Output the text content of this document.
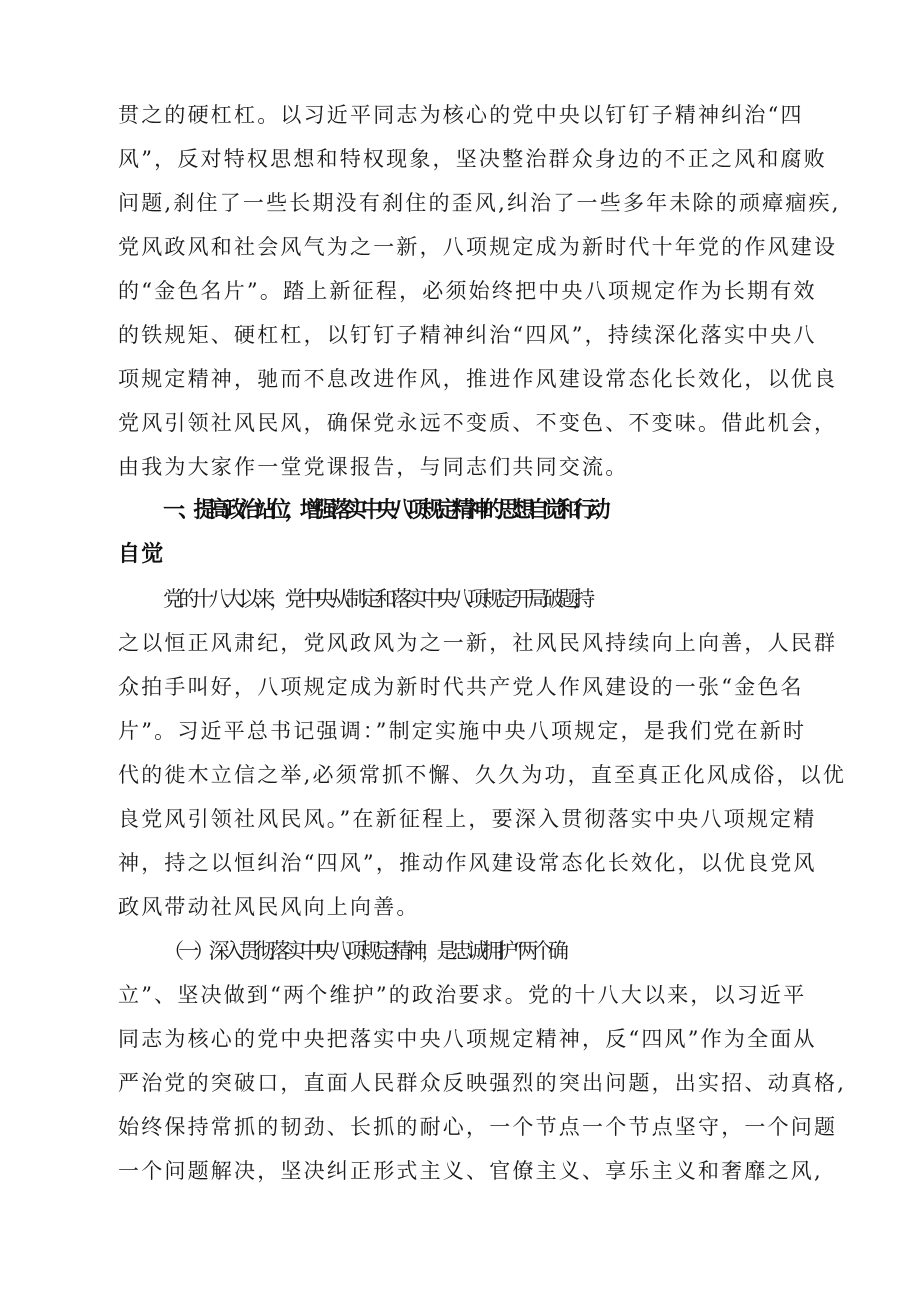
贯之的硬杠杠。以习近平同志为核心的党中央以钉钉子精神纠治“四
风”，反对特权思想和特权现象，坚决整治群众身边的不正之风和腐败
问题,刹住了一些长期没有刹住的歪风,纠治了一些多年未除的顽瘴痼疾,
党风政风和社会风气为之一新，八项规定成为新时代十年党的作风建设
的“金色名片”。踏上新征程，必须始终把中央八项规定作为长期有效
的铁规矩、硬杠杠，以钉钉子精神纠治“四风”，持续深化落实中央八
项规定精神，驰而不息改进作风，推进作风建设常态化长效化，以优良
党风引领社风民风，确保党永远不变质、不变色、不变味。借此机会，
由我为大家作一堂党课报告，与同志们共同交流。
一、提高政治站位，增强落实中央八项规定精神的思想自觉和行动
自觉
党的十八大以来，党中央从制定和落实中央八项规定开局破题,持
之以恒正风肃纪，党风政风为之一新，社风民风持续向上向善，人民群
众拍手叫好，八项规定成为新时代共产党人作风建设的一张“金色名
片”。习近平总书记强调：”制定实施中央八项规定，是我们党在新时
代的徙木立信之举,必须常抓不懈、久久为功，直至真正化风成俗，以优
良党风引领社风民风。”在新征程上，要深入贯彻落实中央八项规定精
神，持之以恒纠治“四风”，推动作风建设常态化长效化，以优良党风
政风带动社风民风向上向善。
（一）深入贯彻落实中央八项规定精神，是忠诚拥护“两个确
立”、坚决做到“两个维护”的政治要求。党的十八大以来，以习近平
同志为核心的党中央把落实中央八项规定精神，反“四风”作为全面从
严治党的突破口，直面人民群众反映强烈的突出问题，出实招、动真格,
始终保持常抓的韧劲、长抓的耐心，一个节点一个节点坚守，一个问题
一个问题解决，坚决纠正形式主义、官僚主义、享乐主义和奢靡之风,
